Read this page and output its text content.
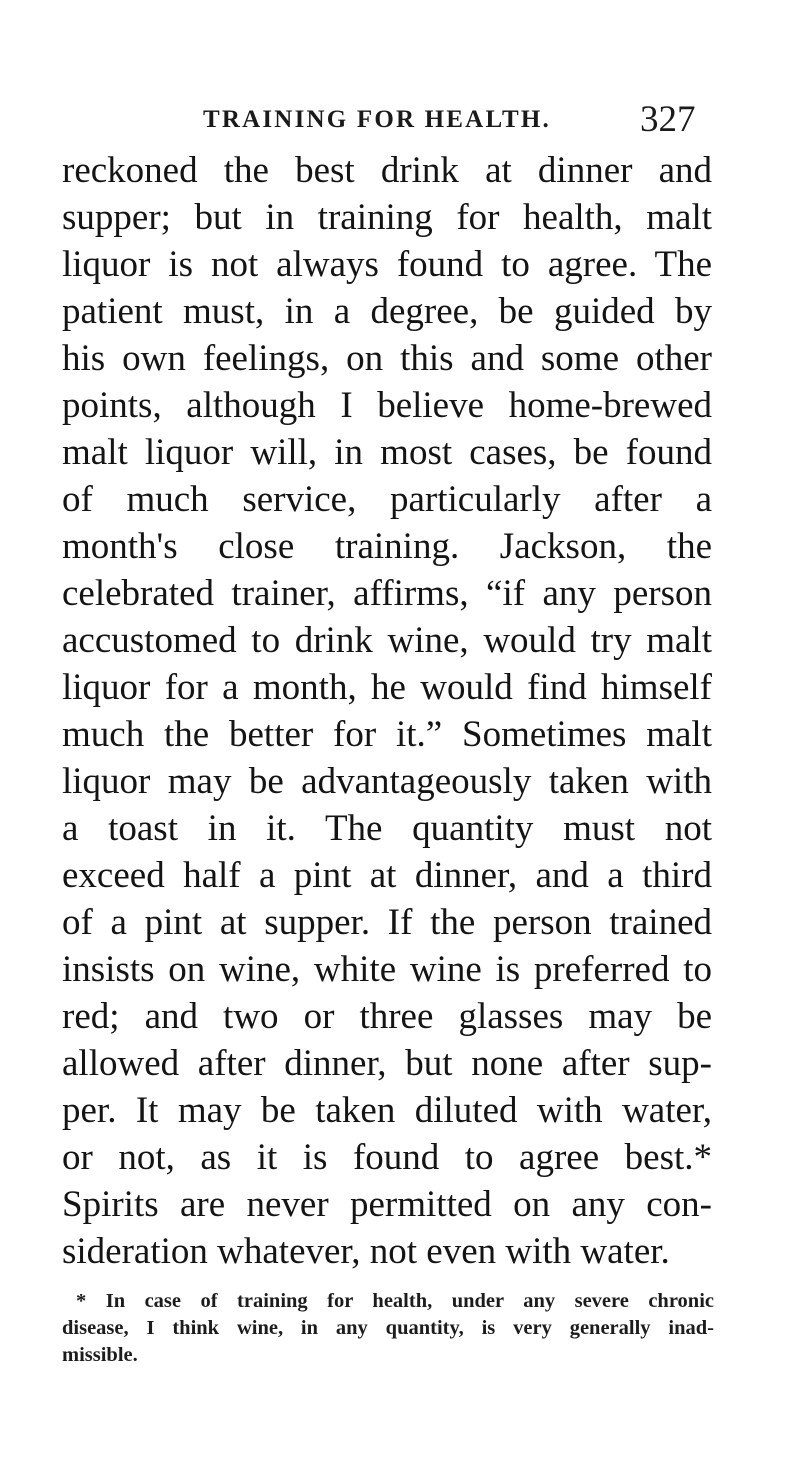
TRAINING FOR HEALTH. 327
reckoned the best drink at dinner and
supper; but in training for health, malt
liquor is not always found to agree. The
patient must, in a degree, be guided by
his own feelings, on this and some other
points, although I believe home-brewed
malt liquor will, in most cases, be found
of much service, particularly after a
month's close training. Jackson, the
celebrated trainer, affirms, “if any person
accustomed to drink wine, would try malt
liquor for a month, he would find himself
much the better for it.” Sometimes malt
liquor may be advantageously taken with
a toast in it. The quantity must not
exceed half a pint at dinner, and a third
of a pint at supper. If the person trained
insists on wine, white wine is preferred to
red; and two or three glasses may be
allowed after dinner, but none after sup-
per. It may be taken diluted with water,
or not, as it is found to agree best.*
Spirits are never permitted on any con-
sideration whatever, not even with water.
* In case of training for health, under any severe chronic
disease, I think wine, in any quantity, is very generally inad-
missible.
